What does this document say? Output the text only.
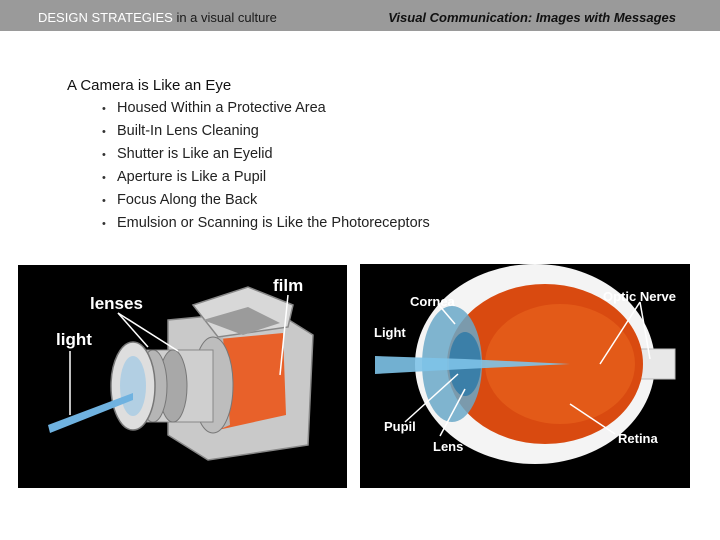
DESIGN STRATEGIES in a visual culture	Visual Communication: Images with Messages
A Camera is Like an Eye
• Housed Within a Protective Area
• Built-In Lens Cleaning
• Shutter is Like an Eyelid
• Aperture is Like a Pupil
• Focus Along the Back
• Emulsion or Scanning is Like the Photoreceptors
lenses
film
light
Cornea	Optic Nerve
Light
Pupil
Lens
Retina
